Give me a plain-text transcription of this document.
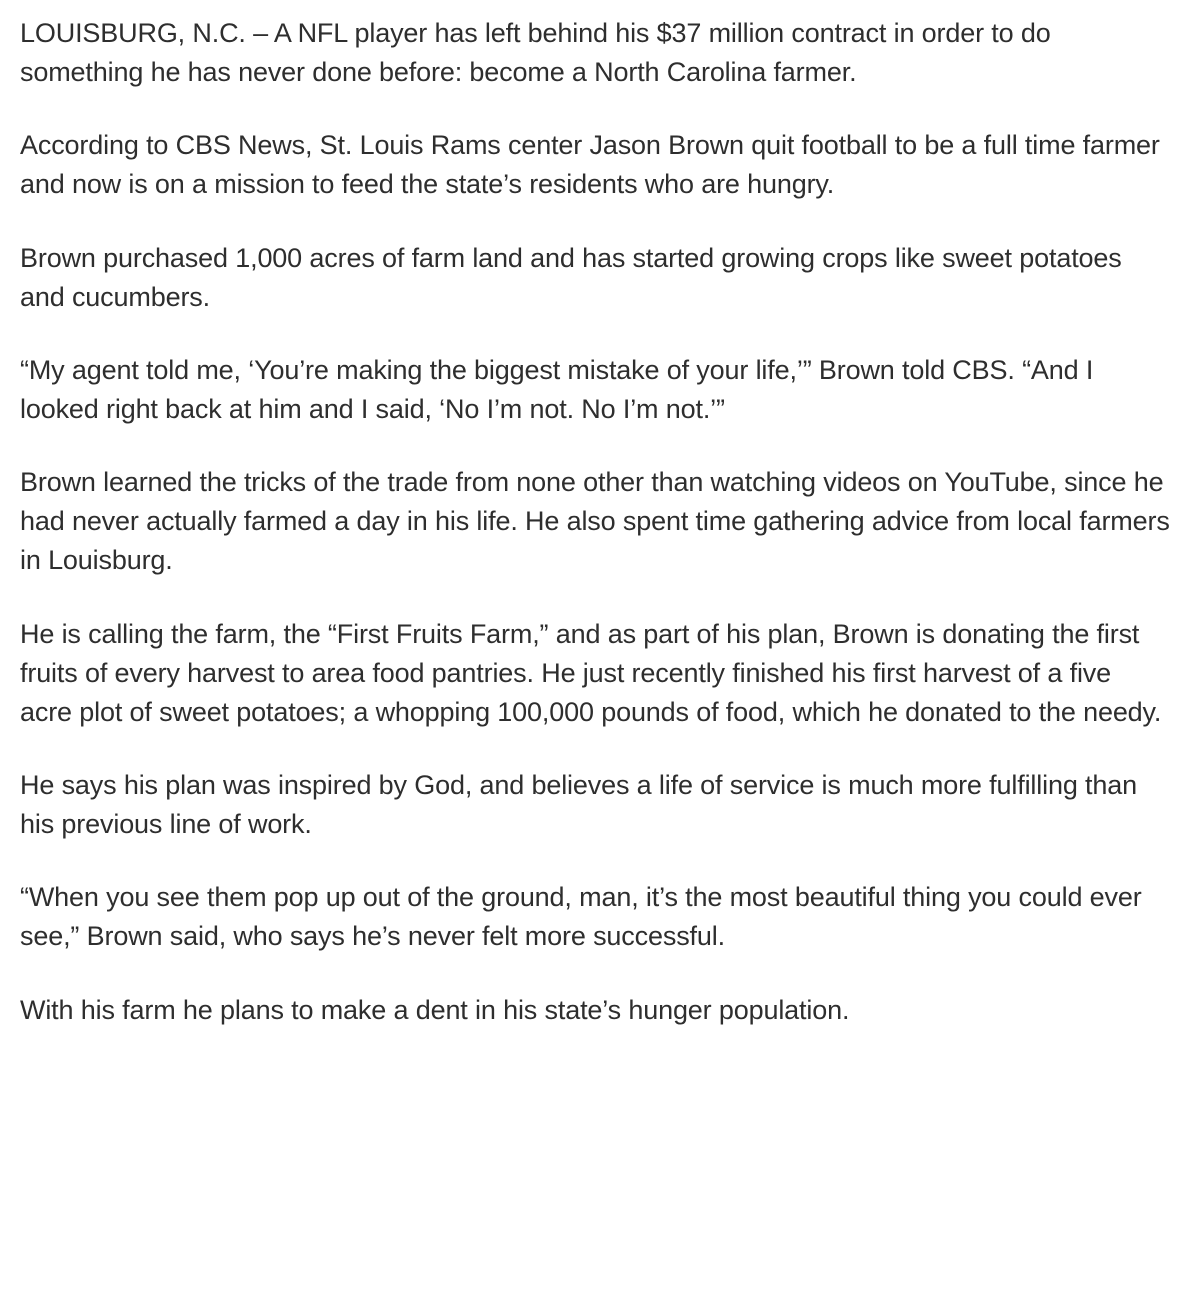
LOUISBURG, N.C. – A NFL player has left behind his $37 million contract in order to do something he has never done before: become a North Carolina farmer.

According to CBS News, St. Louis Rams center Jason Brown quit football to be a full time farmer and now is on a mission to feed the state’s residents who are hungry.

Brown purchased 1,000 acres of farm land and has started growing crops like sweet potatoes and cucumbers.

“My agent told me, ‘You’re making the biggest mistake of your life,’” Brown told CBS. “And I looked right back at him and I said, ‘No I’m not. No I’m not.’”

Brown learned the tricks of the trade from none other than watching videos on YouTube, since he had never actually farmed a day in his life. He also spent time gathering advice from local farmers in Louisburg.

He is calling the farm, the “First Fruits Farm,” and as part of his plan, Brown is donating the first fruits of every harvest to area food pantries. He just recently finished his first harvest of a five acre plot of sweet potatoes; a whopping 100,000 pounds of food, which he donated to the needy.

He says his plan was inspired by God, and believes a life of service is much more fulfilling than his previous line of work.

“When you see them pop up out of the ground, man, it’s the most beautiful thing you could ever see,” Brown said, who says he’s never felt more successful.

With his farm he plans to make a dent in his state’s hunger population.
